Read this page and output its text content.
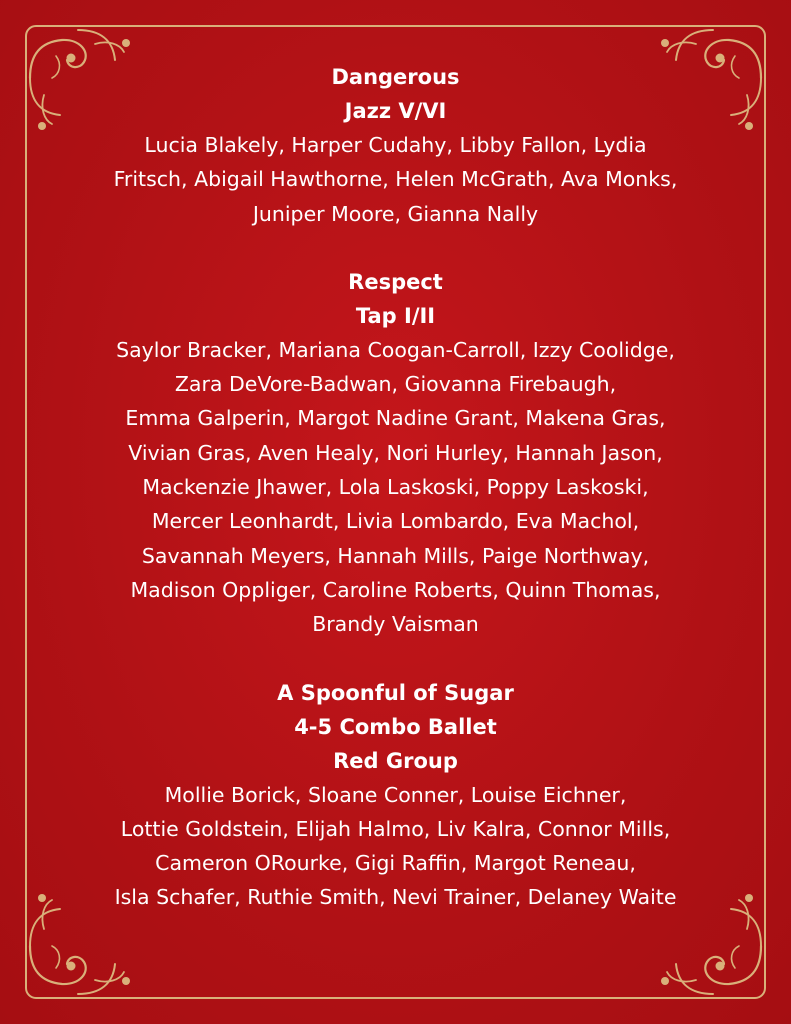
Dangerous

Jazz V/VI

Lucia Blakely, Harper Cudahy, Libby Fallon, Lydia
Fritsch, Abigail Hawthorne, Helen McGrath, Ava Monks,
Juniper Moore, Gianna Nally

Respect

Tap I/II

Saylor Bracker, Mariana Coogan-Carroll, Izzy Coolidge,
Zara DeVore-Badwan, Giovanna Firebaugh,
Emma Galperin, Margot Nadine Grant, Makena Gras,
Vivian Gras, Aven Healy, Nori Hurley, Hannah Jason,
Mackenzie Jhawer, Lola Laskoski, Poppy Laskoski,
Mercer Leonhardt, Livia Lombardo, Eva Machol,
Savannah Meyers, Hannah Mills, Paige Northway,
Madison Oppliger, Caroline Roberts, Quinn Thomas,
Brandy Vaisman

A Spoonful of Sugar

4-5 Combo Ballet

Red Group

Mollie Borick, Sloane Conner, Louise Eichner,
Lottie Goldstein, Elijah Halmo, Liv Kalra, Connor Mills,
Cameron ORourke, Gigi Raffin, Margot Reneau,
Isla Schafer, Ruthie Smith, Nevi Trainer, Delaney Waite
